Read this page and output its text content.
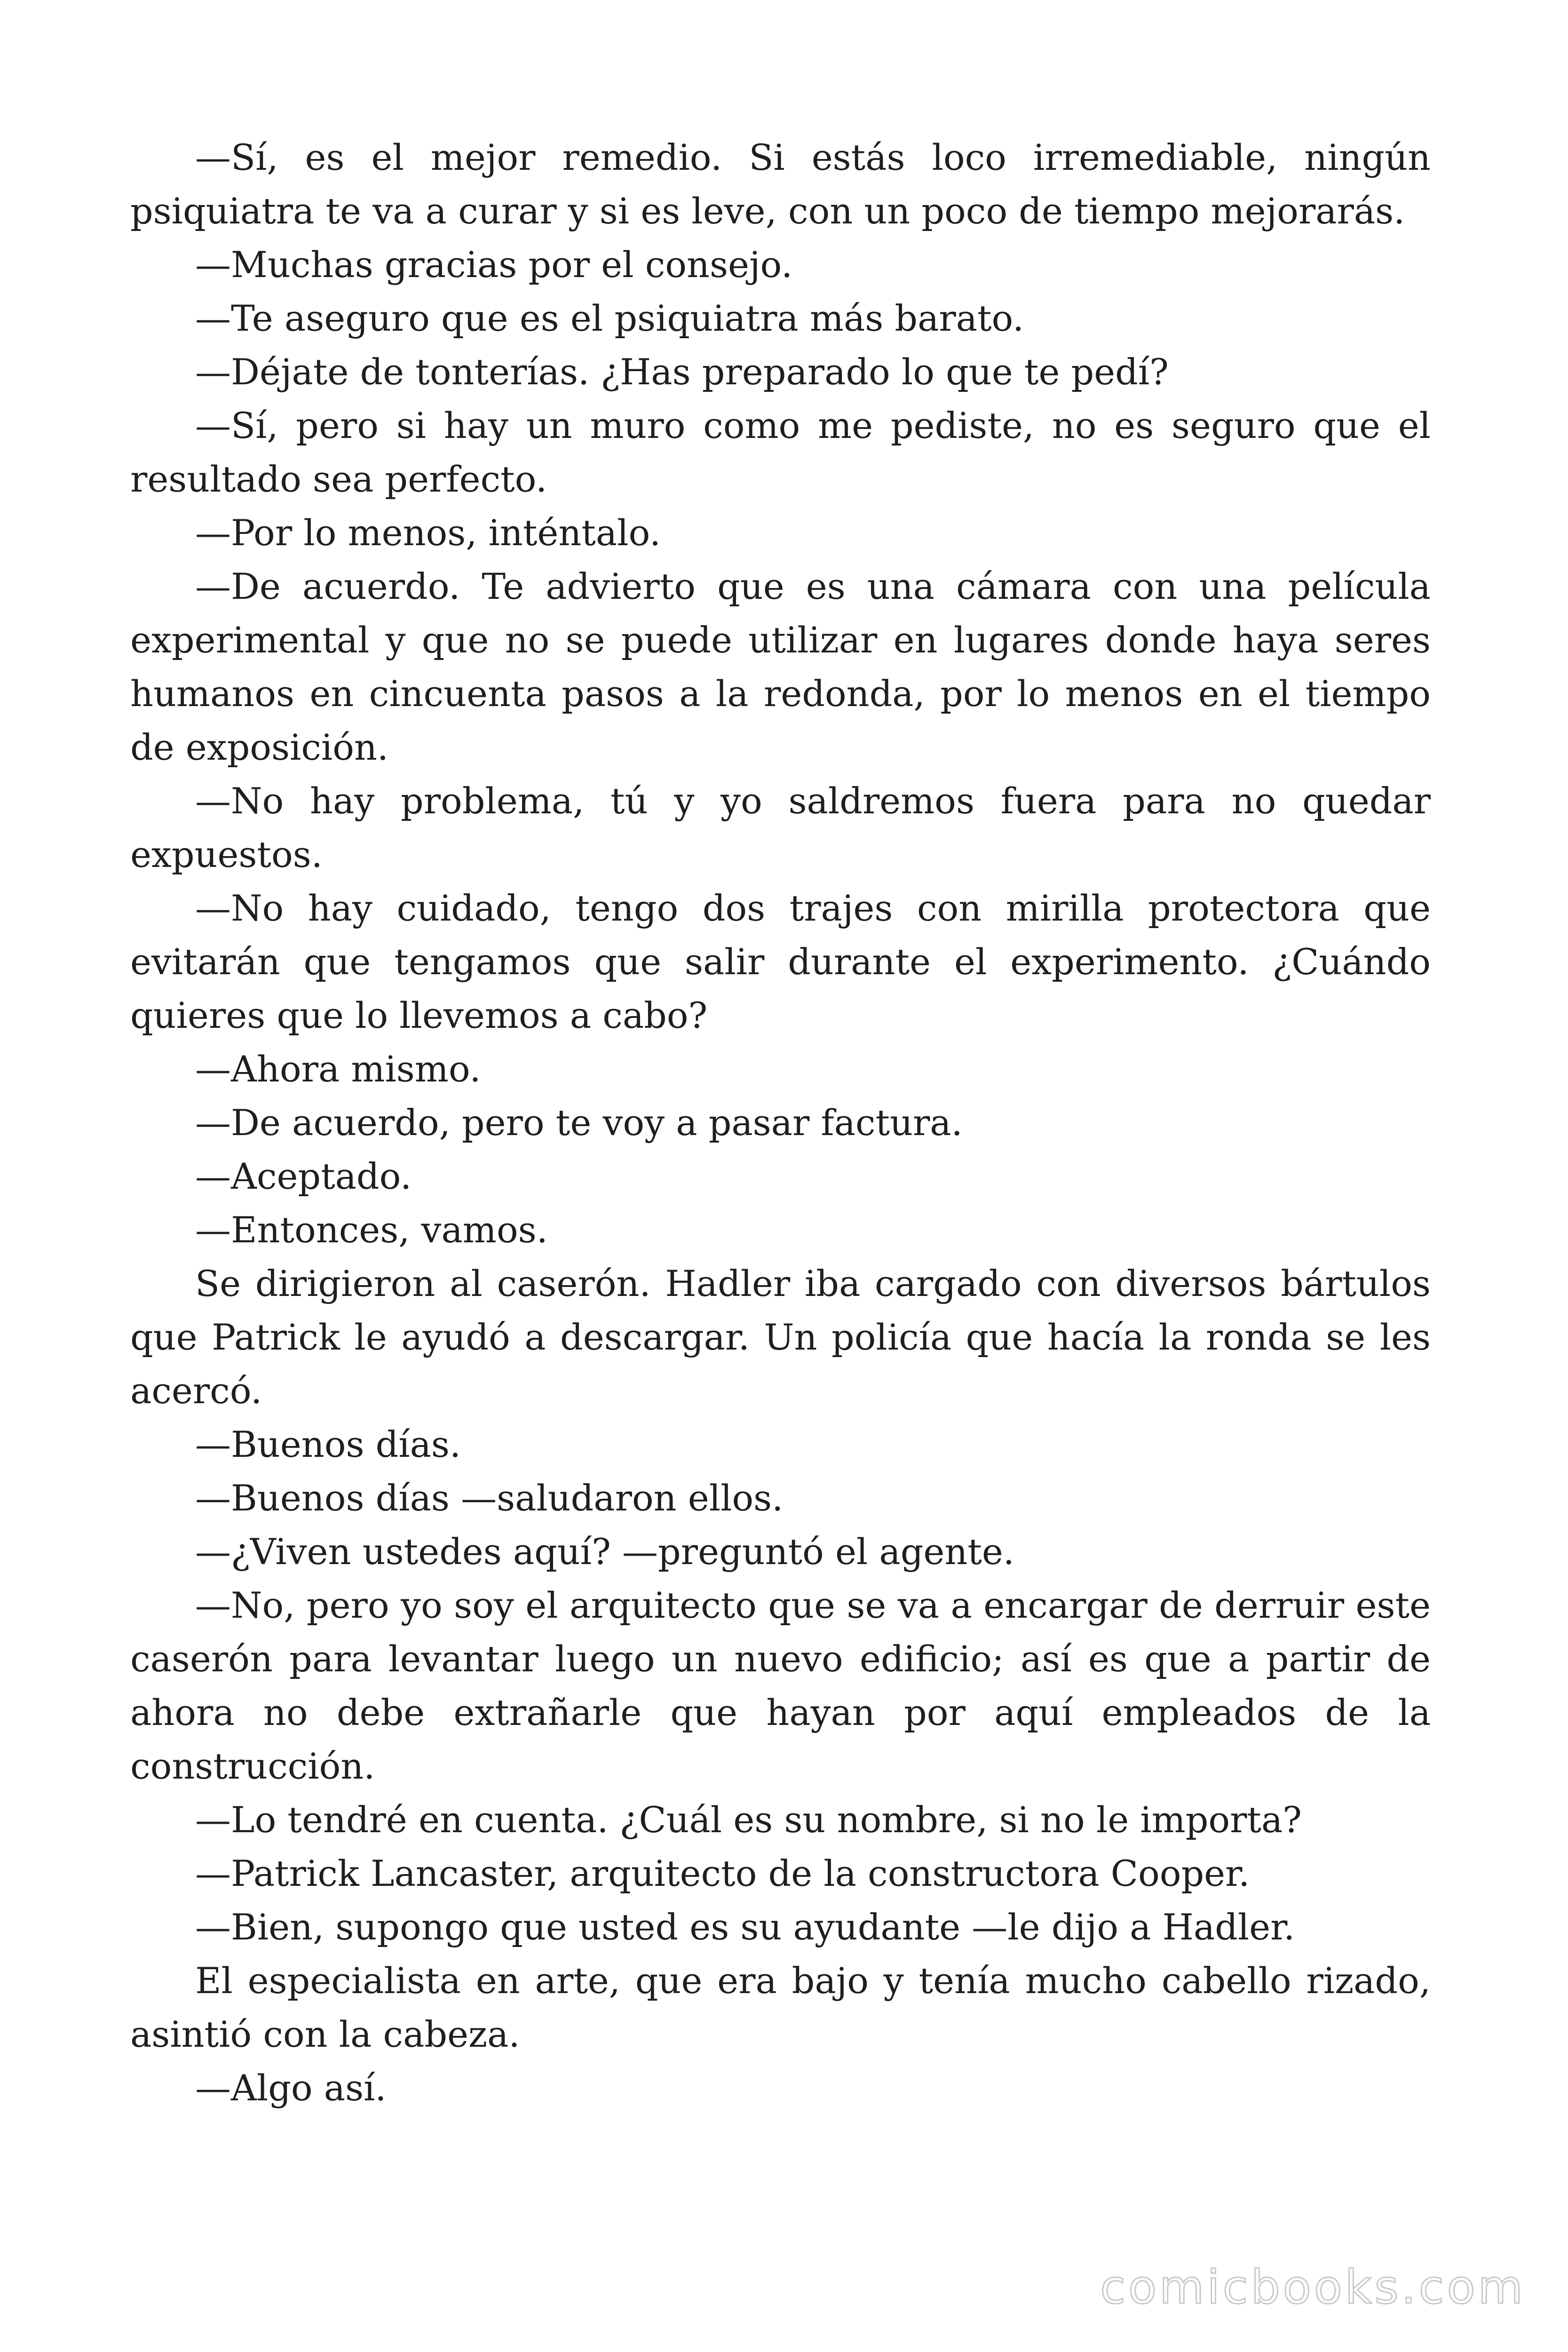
—Sí, es el mejor remedio. Si estás loco irremediable, ningún psiquiatra te va a curar y si es leve, con un poco de tiempo mejorarás.

—Muchas gracias por el consejo.

—Te aseguro que es el psiquiatra más barato.

—Déjate de tonterías. ¿Has preparado lo que te pedí?

—Sí, pero si hay un muro como me pediste, no es seguro que el resultado sea perfecto.

—Por lo menos, inténtalo.

—De acuerdo. Te advierto que es una cámara con una película experimental y que no se puede utilizar en lugares donde haya seres humanos en cincuenta pasos a la redonda, por lo menos en el tiempo de exposición.

—No hay problema, tú y yo saldremos fuera para no quedar expuestos.

—No hay cuidado, tengo dos trajes con mirilla protectora que evitarán que tengamos que salir durante el experimento. ¿Cuándo quieres que lo llevemos a cabo?

—Ahora mismo.

—De acuerdo, pero te voy a pasar factura.

—Aceptado.

—Entonces, vamos.

Se dirigieron al caserón. Hadler iba cargado con diversos bártulos que Patrick le ayudó a descargar. Un policía que hacía la ronda se les acercó.

—Buenos días.

—Buenos días —saludaron ellos.

—¿Viven ustedes aquí? —preguntó el agente.

—No, pero yo soy el arquitecto que se va a encargar de derruir este caserón para levantar luego un nuevo edificio; así es que a partir de ahora no debe extrañarle que hayan por aquí empleados de la construcción.

—Lo tendré en cuenta. ¿Cuál es su nombre, si no le importa?

—Patrick Lancaster, arquitecto de la constructora Cooper.

—Bien, supongo que usted es su ayudante —le dijo a Hadler.

El especialista en arte, que era bajo y tenía mucho cabello rizado, asintió con la cabeza.

—Algo así.

comicbooks.com
